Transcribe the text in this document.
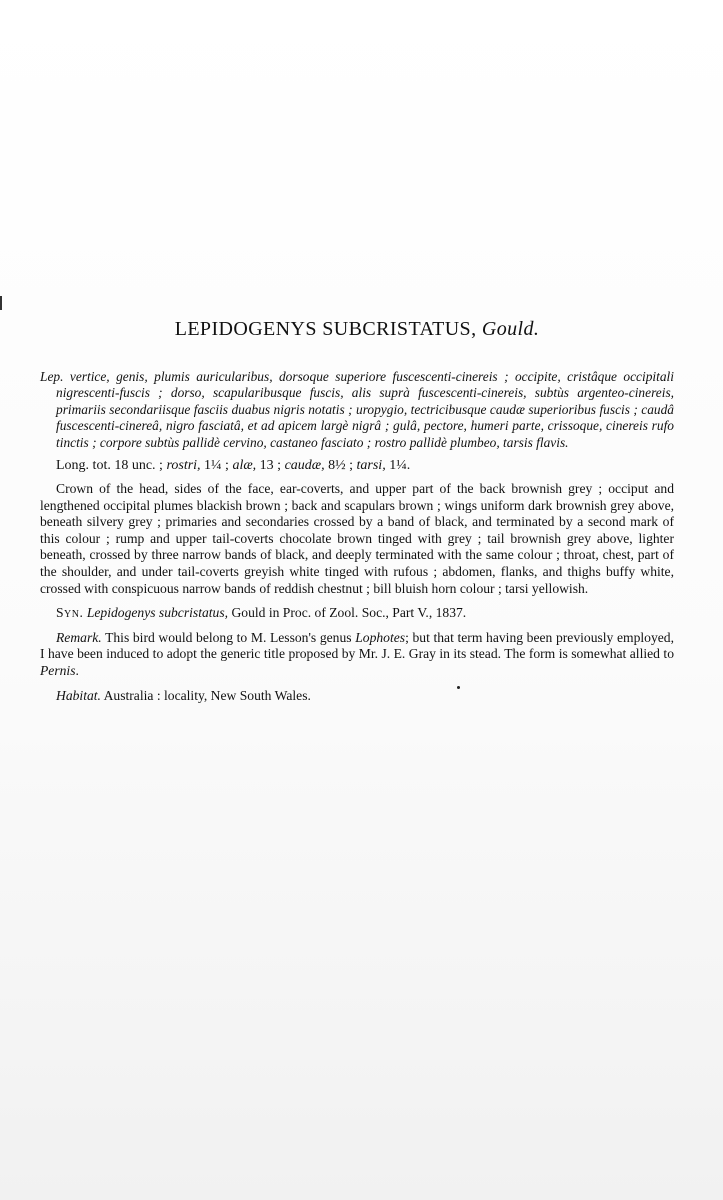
LEPIDOGENYS SUBCRISTATUS, Gould.

Lep. vertice, genis, plumis auricularibus, dorsoque superiore fuscescenti-cinereis ; occipite, cristâque occipitali nigrescenti-fuscis ; dorso, scapularibusque fuscis, alis suprà fuscescenti-cinereis, subtùs argenteo-cinereis, primariis secondariisque fasciis duabus nigris notatis ; uropygio, tectricibusque caudæ superioribus fuscis ; caudâ fuscescenti-cinereâ, nigro fasciatâ, et ad apicem largè nigrâ ; gulâ, pectore, humeri parte, crissoque, cinereis rufo tinctis ; corpore subtùs pallidè cervino, castaneo fasciato ; rostro pallidè plumbeo, tarsis flavis.

Long. tot. 18 unc. ; rostri, 1¼ ; alæ, 13 ; caudæ, 8½ ; tarsi, 1¼.

Crown of the head, sides of the face, ear-coverts, and upper part of the back brownish grey ; occiput and lengthened occipital plumes blackish brown ; back and scapulars brown ; wings uniform dark brownish grey above, beneath silvery grey ; primaries and secondaries crossed by a band of black, and terminated by a second mark of this colour ; rump and upper tail-coverts chocolate brown tinged with grey ; tail brownish grey above, lighter beneath, crossed by three narrow bands of black, and deeply terminated with the same colour ; throat, chest, part of the shoulder, and under tail-coverts greyish white tinged with rufous ; abdomen, flanks, and thighs buffy white, crossed with conspicuous narrow bands of reddish chestnut ; bill bluish horn colour ; tarsi yellowish.

Syn. Lepidogenys subcristatus, Gould in Proc. of Zool. Soc., Part V., 1837.

Remark. This bird would belong to M. Lesson's genus Lophotes; but that term having been previously employed, I have been induced to adopt the generic title proposed by Mr. J. E. Gray in its stead. The form is somewhat allied to Pernis.

Habitat. Australia : locality, New South Wales.
